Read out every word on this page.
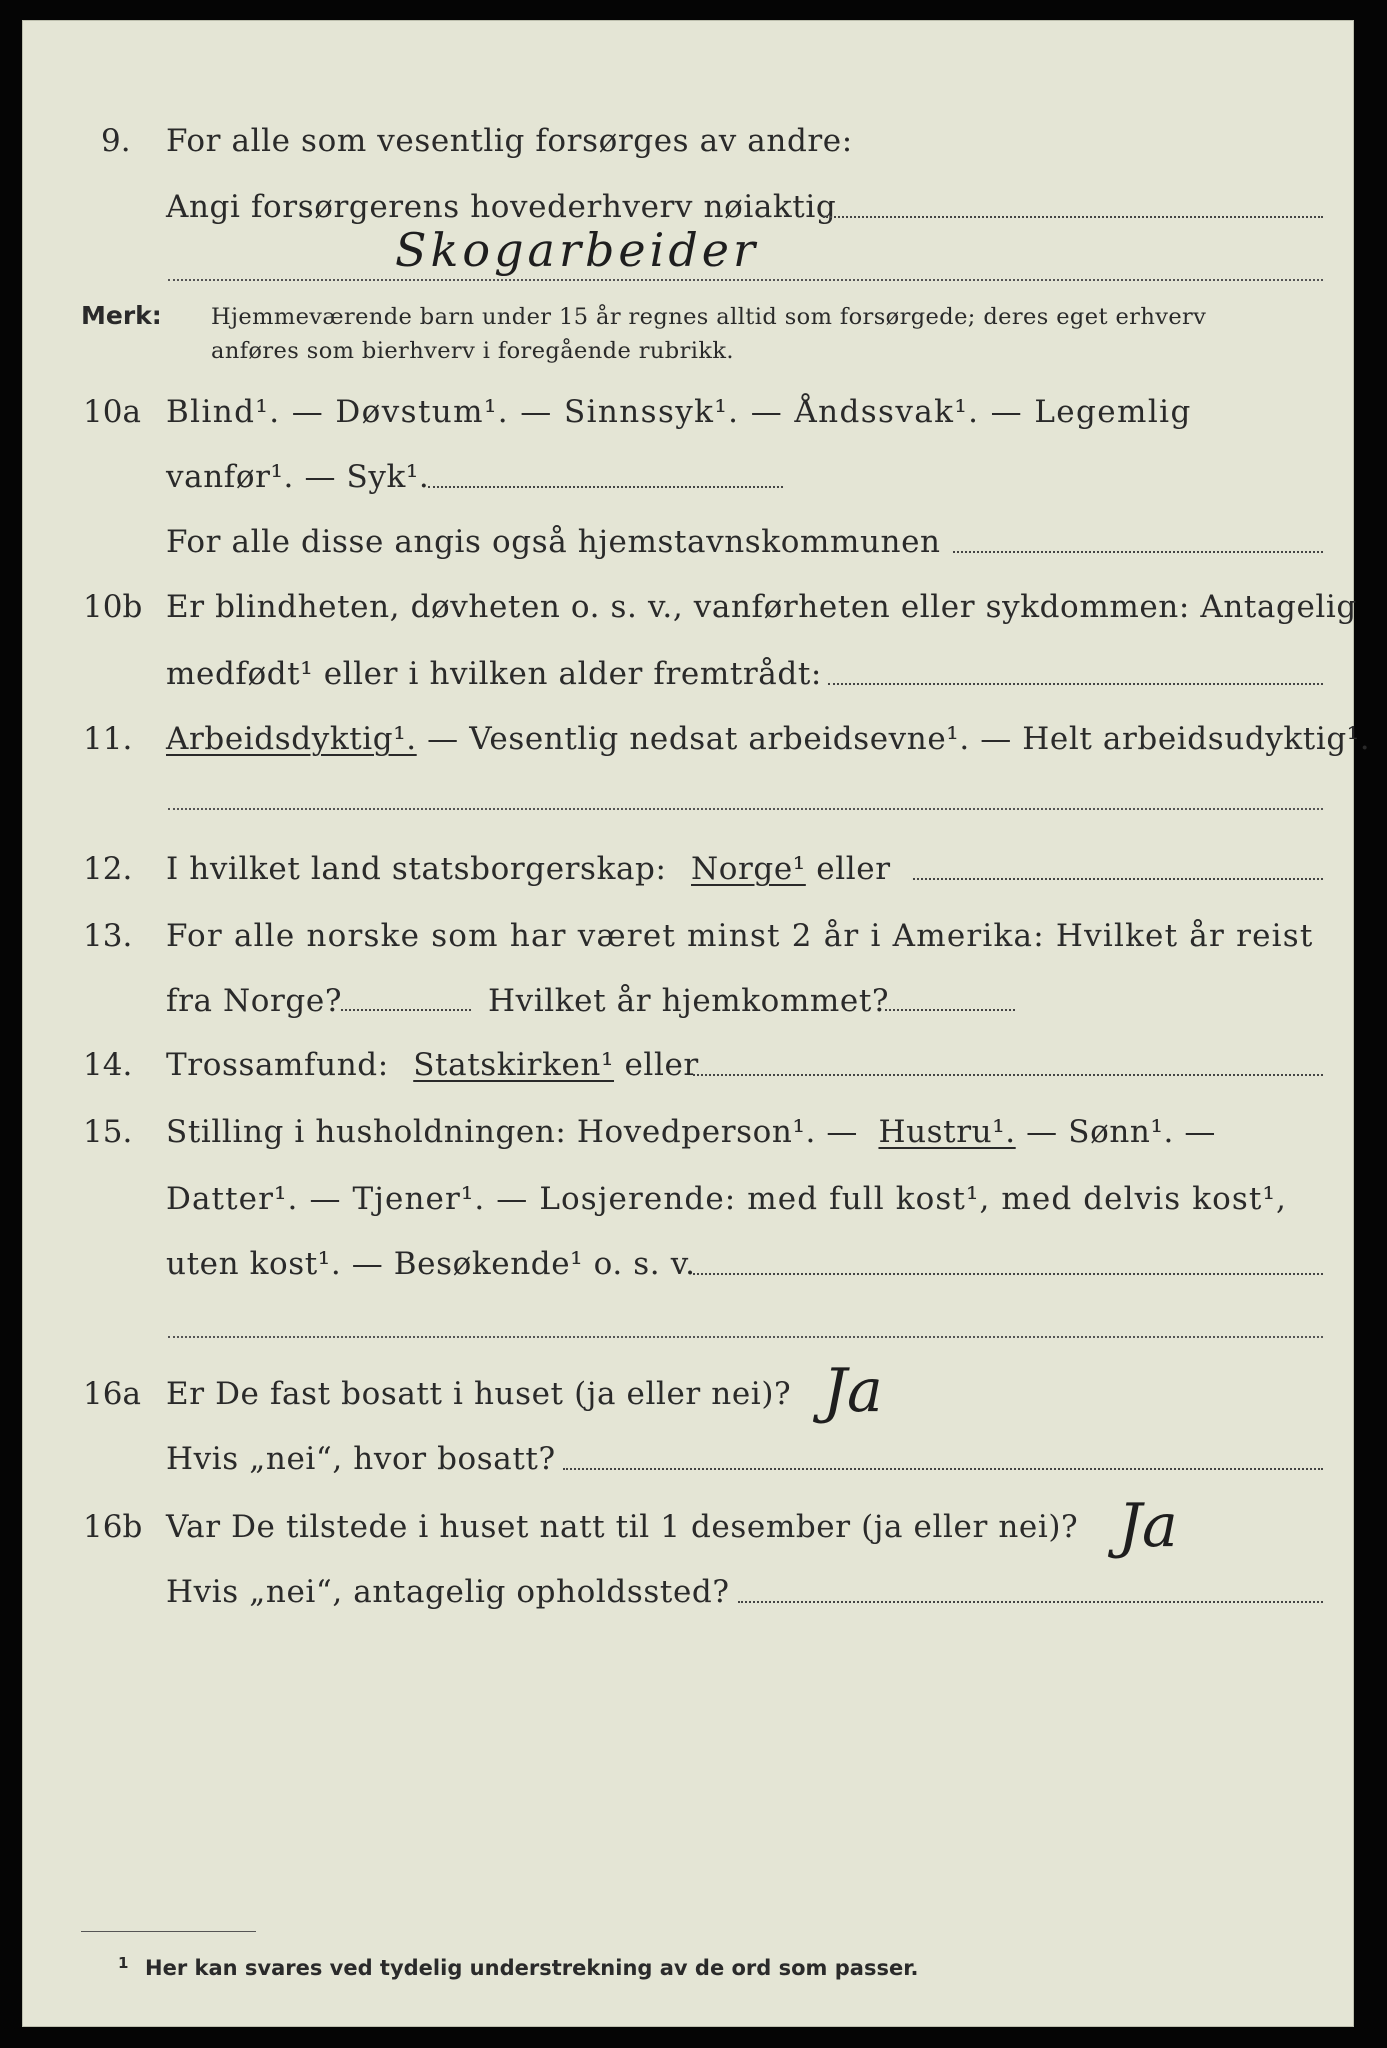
9. For alle som vesentlig forsørges av andre:
Angi forsørgerens hovederhverv nøiaktig
Skogarbeider
Merk: Hjemmeværende barn under 15 år regnes alltid som forsørgede; deres eget erhverv
anføres som bierhverv i foregående rubrikk.
10a Blind¹. — Døvstum¹. — Sinnssyk¹. — Åndssvak¹. — Legemlig
vanfør¹. — Syk¹.
For alle disse angis også hjemstavnskommunen
10b Er blindheten, døvheten o. s. v., vanførheten eller sykdommen: Antagelig
medfødt¹ eller i hvilken alder fremtrådt:
11. Arbeidsdyktig¹. — Vesentlig nedsat arbeidsevne¹. — Helt arbeidsudyktig¹.
12. I hvilket land statsborgerskap: Norge¹ eller
13. For alle norske som har været minst 2 år i Amerika: Hvilket år reist
fra Norge?	Hvilket år hjemkommet?
14. Trossamfund: Statskirken¹ eller
15. Stilling i husholdningen: Hovedperson¹. — Hustru¹. — Sønn¹. —
Datter¹. — Tjener¹. — Losjerende: med full kost¹, med delvis kost¹,
uten kost¹. — Besøkende¹ o. s. v.
16a Er De fast bosatt i huset (ja eller nei)? Ja
Hvis „nei“, hvor bosatt?
16b Var De tilstede i huset natt til 1 desember (ja eller nei)? Ja
Hvis „nei“, antagelig opholdssted?
1 Her kan svares ved tydelig understrekning av de ord som passer.
